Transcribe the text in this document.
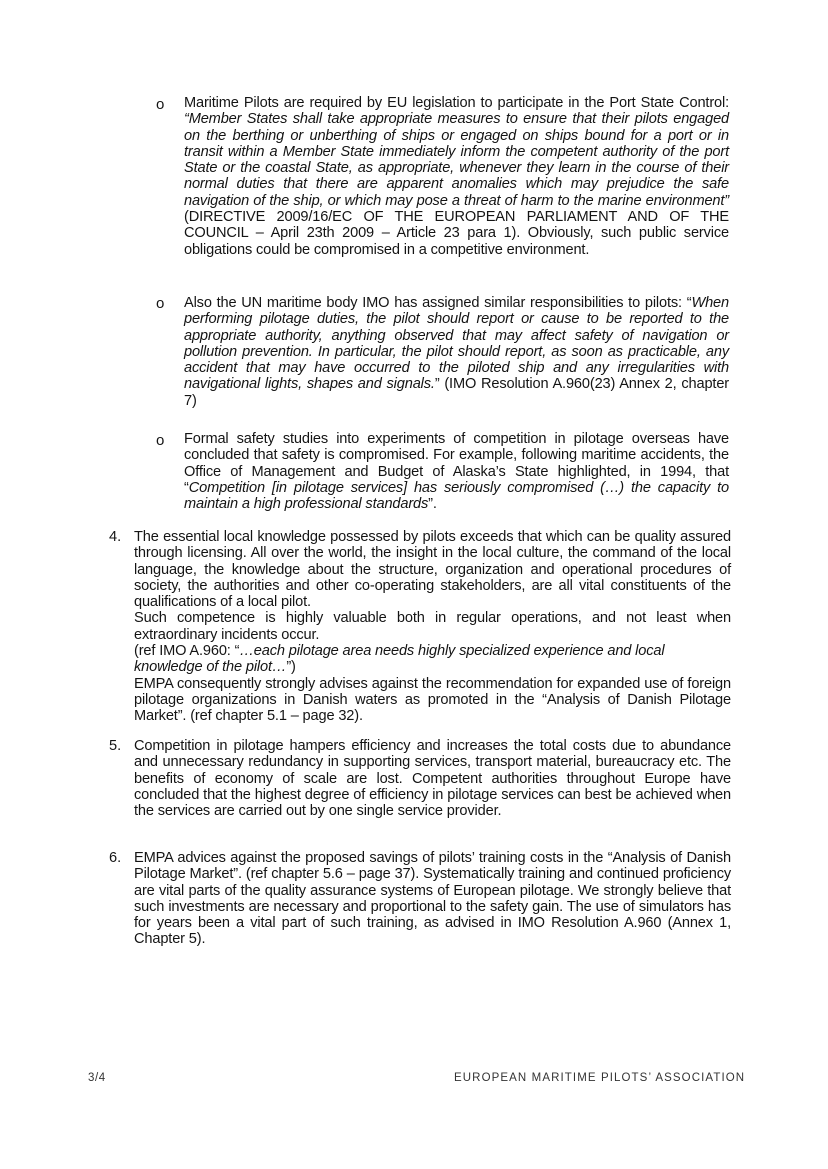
o Maritime Pilots are required by EU legislation to participate in the Port State Control: “Member States shall take appropriate measures to ensure that their pilots engaged on the berthing or unberthing of ships or engaged on ships bound for a port or in transit within a Member State immediately inform the competent authority of the port State or the coastal State, as appropriate, whenever they learn in the course of their normal duties that there are apparent anomalies which may prejudice the safe navigation of the ship, or which may pose a threat of harm to the marine environment” (DIRECTIVE 2009/16/EC OF THE EUROPEAN PARLIAMENT AND OF THE COUNCIL – April 23th 2009 – Article 23 para 1). Obviously, such public service obligations could be compromised in a competitive environment.
o Also the UN maritime body IMO has assigned similar responsibilities to pilots: “When performing pilotage duties, the pilot should report or cause to be reported to the appropriate authority, anything observed that may affect safety of navigation or pollution prevention. In particular, the pilot should report, as soon as practicable, any accident that may have occurred to the piloted ship and any irregularities with navigational lights, shapes and signals.” (IMO Resolution A.960(23) Annex 2, chapter 7)
o Formal safety studies into experiments of competition in pilotage overseas have concluded that safety is compromised. For example, following maritime accidents, the Office of Management and Budget of Alaska’s State highlighted, in 1994, that “Competition [in pilotage services] has seriously compromised (…) the capacity to maintain a high professional standards”.
4. The essential local knowledge possessed by pilots exceeds that which can be quality assured through licensing. All over the world, the insight in the local culture, the command of the local language, the knowledge about the structure, organization and operational procedures of society, the authorities and other co-operating stakeholders, are all vital constituents of the qualifications of a local pilot.
Such competence is highly valuable both in regular operations, and not least when extraordinary incidents occur.

(ref IMO A.960: “…each pilotage area needs highly specialized experience and local knowledge of the pilot…”)
EMPA consequently strongly advises against the recommendation for expanded use of foreign pilotage organizations in Danish waters as promoted in the “Analysis of Danish Pilotage Market”. (ref chapter 5.1 – page 32).
5. Competition in pilotage hampers efficiency and increases the total costs due to abundance and unnecessary redundancy in supporting services, transport material, bureaucracy etc. The benefits of economy of scale are lost. Competent authorities throughout Europe have concluded that the highest degree of efficiency in pilotage services can best be achieved when the services are carried out by one single service provider.
6. EMPA advices against the proposed savings of pilots’ training costs in the “Analysis of Danish Pilotage Market”. (ref chapter 5.6 – page 37). Systematically training and continued proficiency are vital parts of the quality assurance systems of European pilotage. We strongly believe that such investments are necessary and proportional to the safety gain. The use of simulators has for years been a vital part of such training, as advised in IMO Resolution A.960 (Annex 1, Chapter 5).
3/4	EUROPEAN MARITIME PILOTS’ ASSOCIATION
